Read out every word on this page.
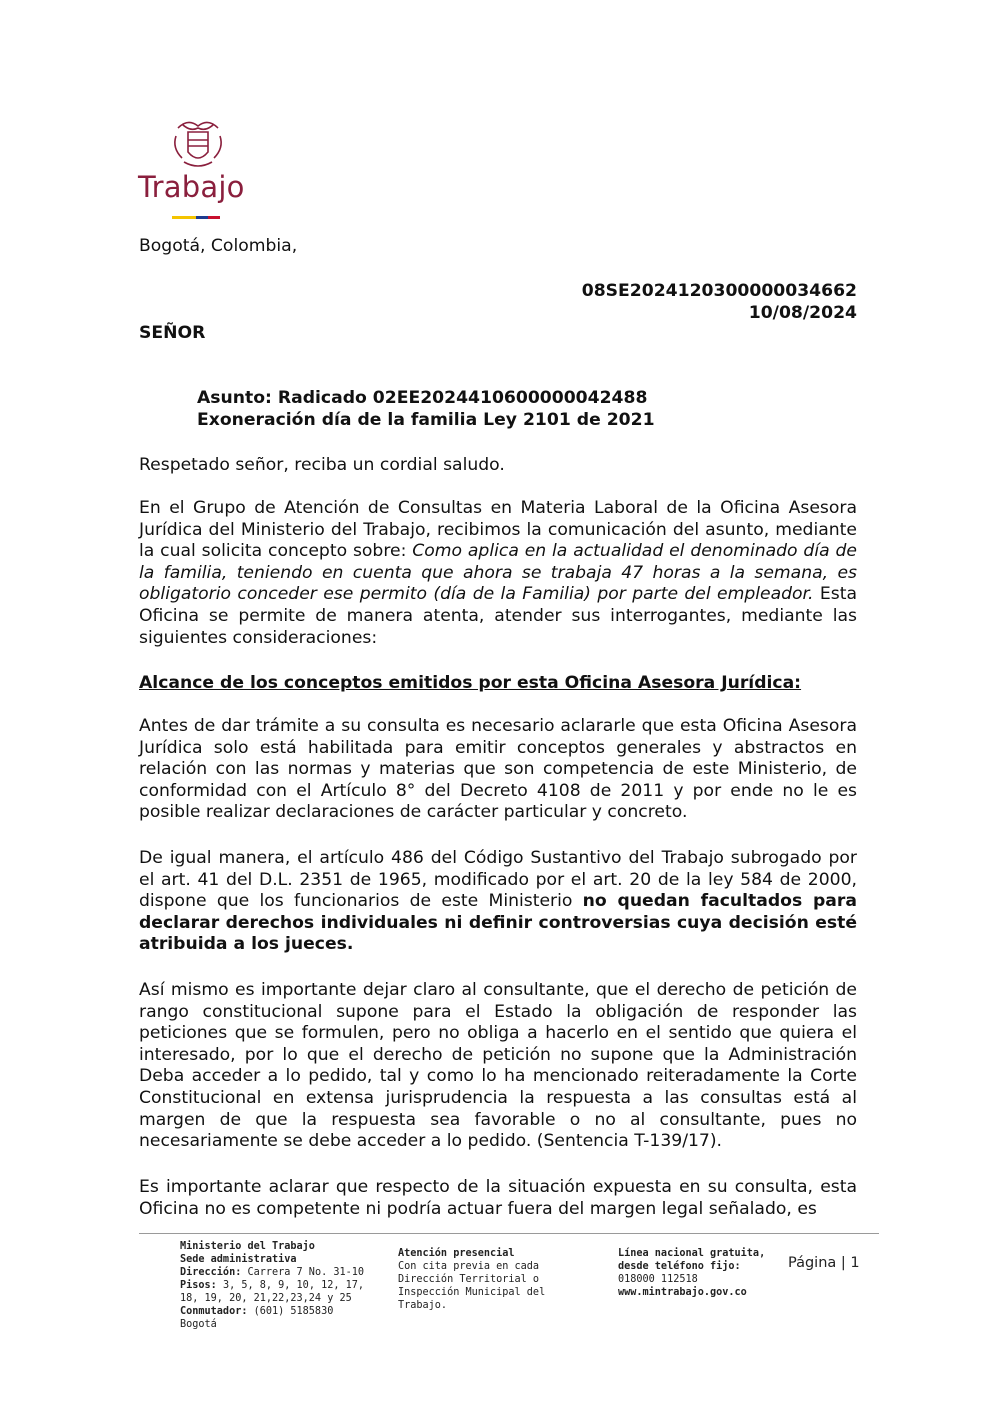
Trabajo
Bogotá, Colombia,
08SE2024120300000034662
10/08/2024
SEÑOR
Asunto: Radicado 02EE2024410600000042488
Exoneración día de la familia Ley 2101 de 2021
Respetado señor, reciba un cordial saludo.
En el Grupo de Atención de Consultas en Materia Laboral de la Oficina Asesora Jurídica del Ministerio del Trabajo, recibimos la comunicación del asunto, mediante la cual solicita concepto sobre: Como aplica en la actualidad el denominado día de la familia, teniendo en cuenta que ahora se trabaja 47 horas a la semana, es obligatorio conceder ese permito (día de la Familia) por parte del empleador. Esta Oficina se permite de manera atenta, atender sus interrogantes, mediante las siguientes consideraciones:
Alcance de los conceptos emitidos por esta Oficina Asesora Jurídica:
Antes de dar trámite a su consulta es necesario aclararle que esta Oficina Asesora Jurídica solo está habilitada para emitir conceptos generales y abstractos en relación con las normas y materias que son competencia de este Ministerio, de conformidad con el Artículo 8° del Decreto 4108 de 2011 y por ende no le es posible realizar declaraciones de carácter particular y concreto.
De igual manera, el artículo 486 del Código Sustantivo del Trabajo subrogado por el art. 41 del D.L. 2351 de 1965, modificado por el art. 20 de la ley 584 de 2000, dispone que los funcionarios de este Ministerio no quedan facultados para declarar derechos individuales ni definir controversias cuya decisión esté atribuida a los jueces.
Así mismo es importante dejar claro al consultante, que el derecho de petición de rango constitucional supone para el Estado la obligación de responder las peticiones que se formulen, pero no obliga a hacerlo en el sentido que quiera el interesado, por lo que el derecho de petición no supone que la Administración Deba acceder a lo pedido, tal y como lo ha mencionado reiteradamente la Corte Constitucional en extensa jurisprudencia la respuesta a las consultas está al margen de que la respuesta sea favorable o no al consultante, pues no necesariamente se debe acceder a lo pedido. (Sentencia T-139/17).
Es importante aclarar que respecto de la situación expuesta en su consulta, esta Oficina no es competente ni podría actuar fuera del margen legal señalado, es
Ministerio del Trabajo
Sede administrativa
Dirección: Carrera 7 No. 31-10
Pisos: 3, 5, 8, 9, 10, 12, 17, 18, 19, 20, 21,22,23,24 y 25
Conmutador: (601) 5185830
Bogotá
Atención presencial
Con cita previa en cada Dirección Territorial o Inspección Municipal del Trabajo.
Línea nacional gratuita, desde teléfono fijo:
018000 112518
www.mintrabajo.gov.co
Página | 1
